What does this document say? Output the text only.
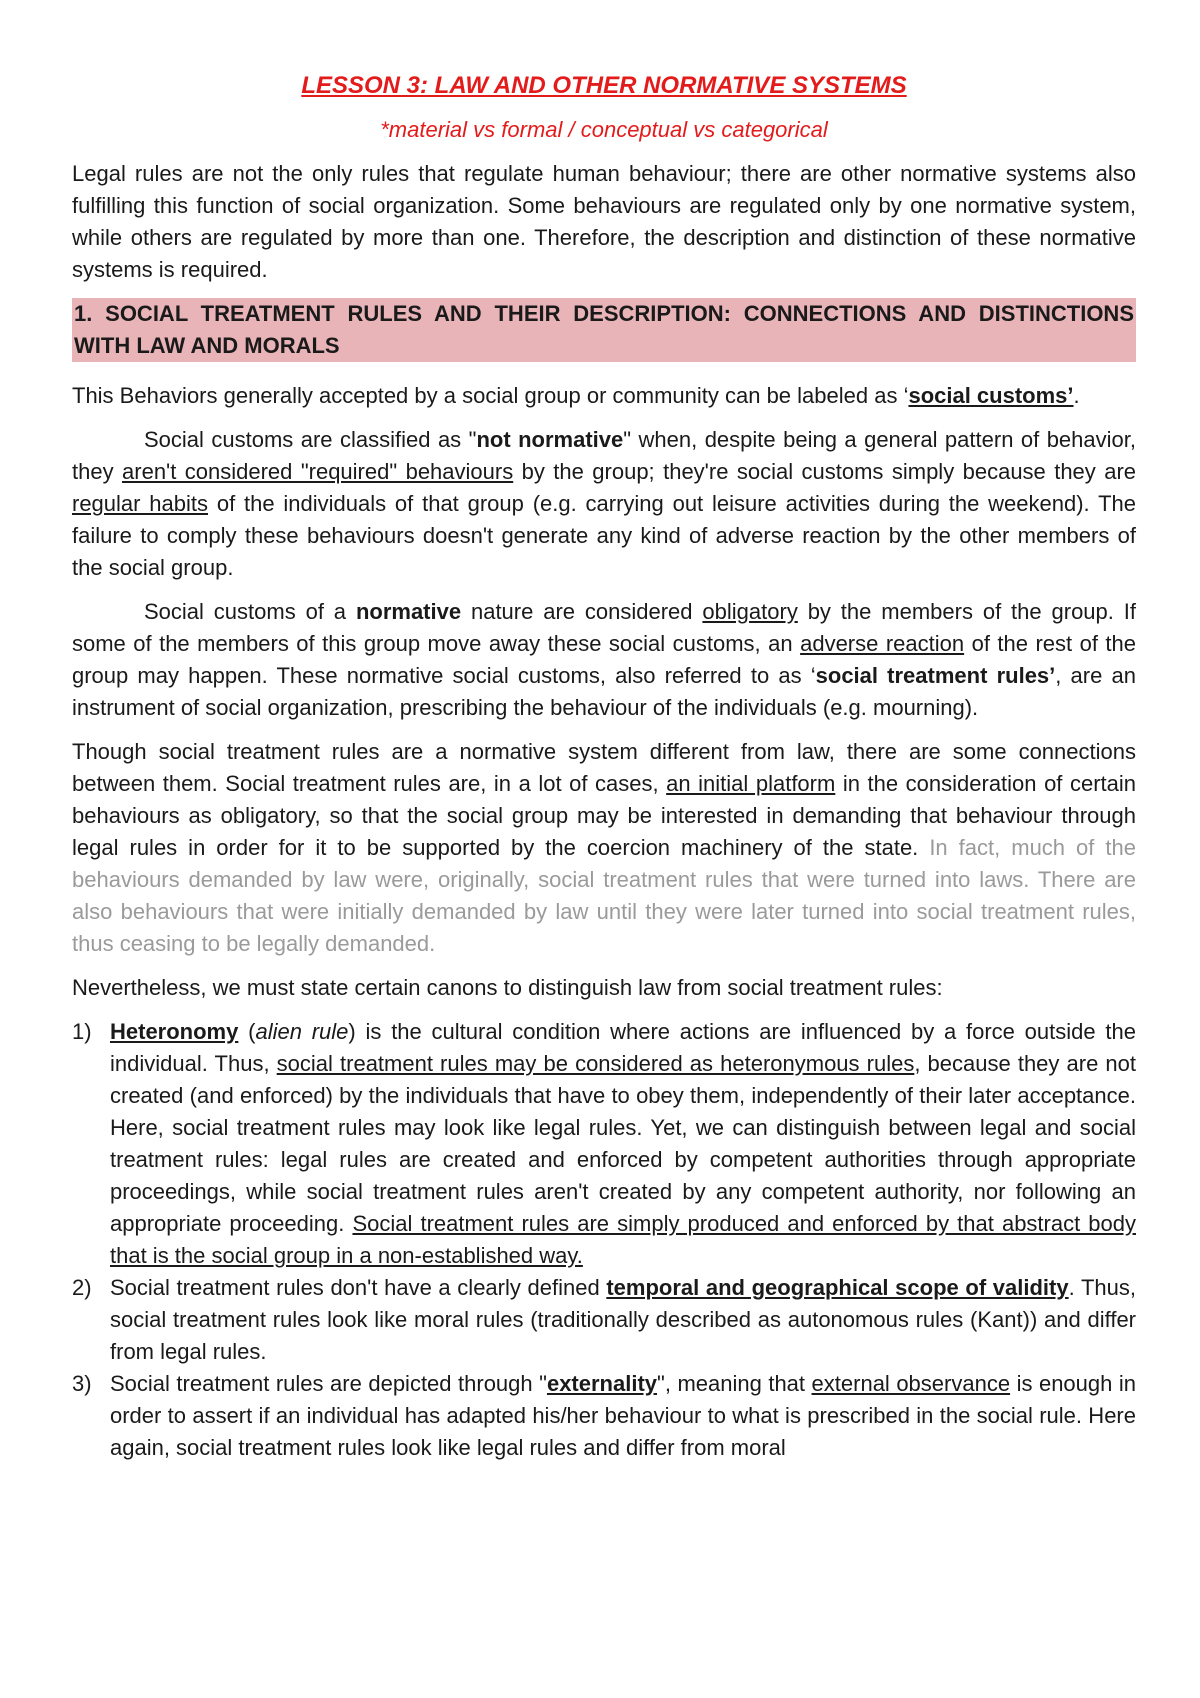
LESSON 3: LAW AND OTHER NORMATIVE SYSTEMS
*material vs formal / conceptual vs categorical

Legal rules are not the only rules that regulate human behaviour; there are other normative systems also fulfilling this function of social organization. Some behaviours are regulated only by one normative system, while others are regulated by more than one. Therefore, the description and distinction of these normative systems is required.

1. SOCIAL TREATMENT RULES AND THEIR DESCRIPTION: CONNECTIONS AND DISTINCTIONS WITH LAW AND MORALS

This Behaviors generally accepted by a social group or community can be labeled as ‘social customs’.

Social customs are classified as "not normative" when, despite being a general pattern of behavior, they aren't considered "required" behaviours by the group; they're social customs simply because they are regular habits of the individuals of that group (e.g. carrying out leisure activities during the weekend). The failure to comply these behaviours doesn't generate any kind of adverse reaction by the other members of the social group.

Social customs of a normative nature are considered obligatory by the members of the group. If some of the members of this group move away these social customs, an adverse reaction of the rest of the group may happen. These normative social customs, also referred to as ‘social treatment rules’, are an instrument of social organization, prescribing the behaviour of the individuals (e.g. mourning).

Though social treatment rules are a normative system different from law, there are some connections between them. Social treatment rules are, in a lot of cases, an initial platform in the consideration of certain behaviours as obligatory, so that the social group may be interested in demanding that behaviour through legal rules in order for it to be supported by the coercion machinery of the state. In fact, much of the behaviours demanded by law were, originally, social treatment rules that were turned into laws. There are also behaviours that were initially demanded by law until they were later turned into social treatment rules, thus ceasing to be legally demanded.

Nevertheless, we must state certain canons to distinguish law from social treatment rules:

1) Heteronomy (alien rule) is the cultural condition where actions are influenced by a force outside the individual. Thus, social treatment rules may be considered as heteronymous rules, because they are not created (and enforced) by the individuals that have to obey them, independently of their later acceptance. Here, social treatment rules may look like legal rules. Yet, we can distinguish between legal and social treatment rules: legal rules are created and enforced by competent authorities through appropriate proceedings, while social treatment rules aren't created by any competent authority, nor following an appropriate proceeding. Social treatment rules are simply produced and enforced by that abstract body that is the social group in a non-established way.
2) Social treatment rules don't have a clearly defined temporal and geographical scope of validity. Thus, social treatment rules look like moral rules (traditionally described as autonomous rules (Kant)) and differ from legal rules.
3) Social treatment rules are depicted through "externality", meaning that external observance is enough in order to assert if an individual has adapted his/her behaviour to what is prescribed in the social rule. Here again, social treatment rules look like legal rules and differ from moral
